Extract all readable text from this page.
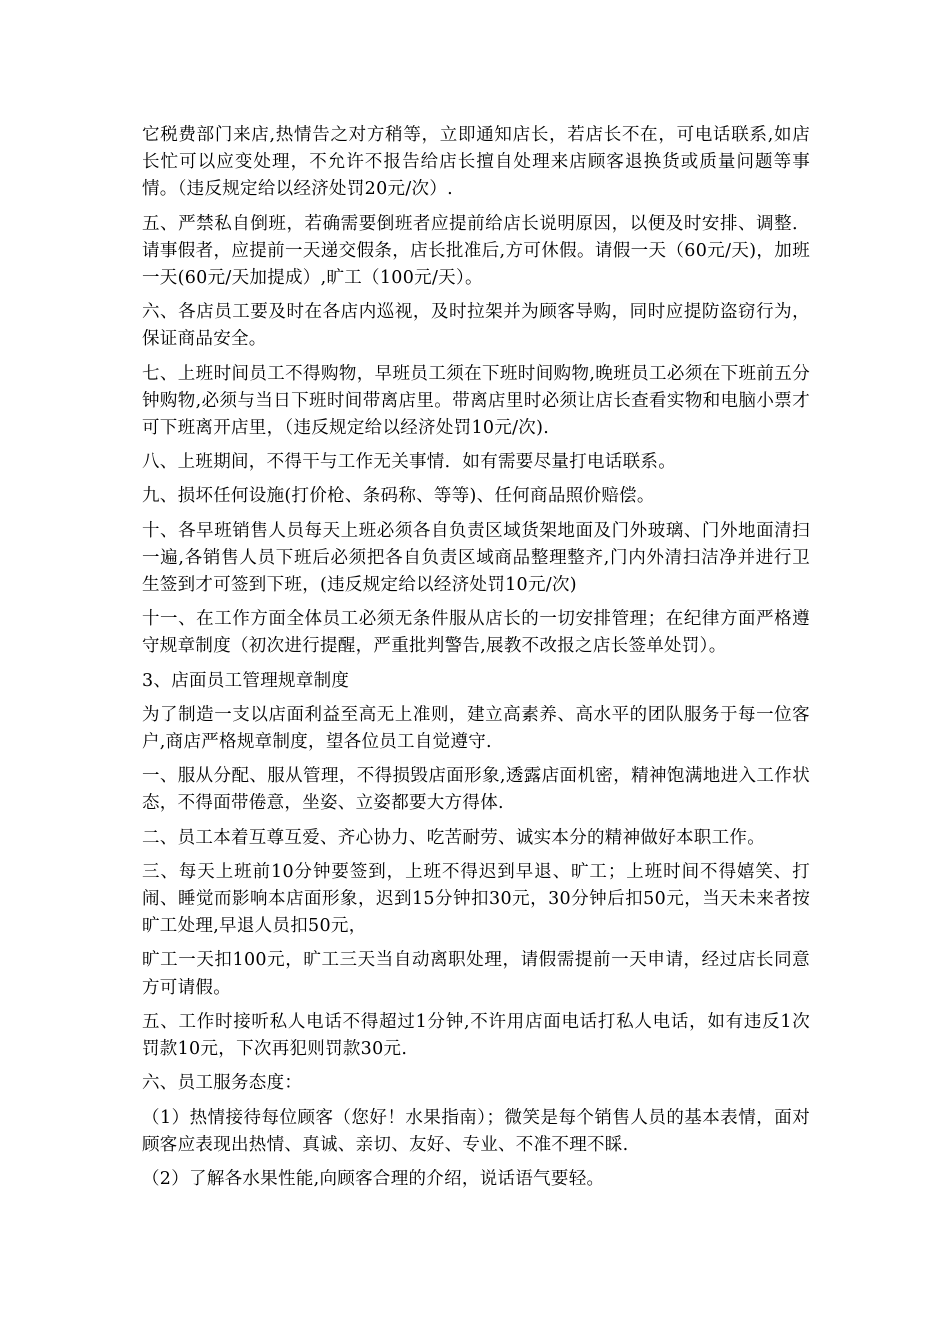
它税费部门来店,热情告之对方稍等，立即通知店长，若店长不在，可电话联系,如店长忙可以应变处理，不允许不报告给店长擅自处理来店顾客退换货或质量问题等事情。（违反规定给以经济处罚20元/次）.

五、严禁私自倒班，若确需要倒班者应提前给店长说明原因，以便及时安排、调整．请事假者，应提前一天递交假条，店长批准后,方可休假。请假一天（60元/天)，加班一天(60元/天加提成）,旷工（100元/天）。

六、各店员工要及时在各店内巡视，及时拉架并为顾客导购，同时应提防盗窃行为，保证商品安全。

七、上班时间员工不得购物，早班员工须在下班时间购物,晚班员工必须在下班前五分钟购物,必须与当日下班时间带离店里。带离店里时必须让店长查看实物和电脑小票才可下班离开店里，（违反规定给以经济处罚10元/次).

八、上班期间，不得干与工作无关事情．如有需要尽量打电话联系。

九、损坏任何设施(打价枪、条码称、等等)、任何商品照价赔偿。

十、各早班销售人员每天上班必须各自负责区域货架地面及门外玻璃、门外地面清扫一遍,各销售人员下班后必须把各自负责区域商品整理整齐,门内外清扫洁净并进行卫生签到才可签到下班，(违反规定给以经济处罚10元/次)

十一、在工作方面全体员工必须无条件服从店长的一切安排管理；在纪律方面严格遵守规章制度（初次进行提醒，严重批判警告,展教不改报之店长签单处罚）。

3、店面员工管理规章制度

为了制造一支以店面利益至高无上准则，建立高素养、高水平的团队服务于每一位客户,商店严格规章制度，望各位员工自觉遵守.

一、服从分配、服从管理，不得损毁店面形象,透露店面机密，精神饱满地进入工作状态，不得面带倦意，坐姿、立姿都要大方得体.

二、员工本着互尊互爱、齐心协力、吃苦耐劳、诚实本分的精神做好本职工作。

三、每天上班前10分钟要签到，上班不得迟到早退、旷工；上班时间不得嬉笑、打闹、睡觉而影响本店面形象，迟到15分钟扣30元，30分钟后扣50元，当天未来者按旷工处理,早退人员扣50元，

旷工一天扣100元，旷工三天当自动离职处理，请假需提前一天申请，经过店长同意方可请假。

五、工作时接听私人电话不得超过1分钟,不许用店面电话打私人电话，如有违反1次罚款10元，下次再犯则罚款30元.

六、员工服务态度：

（1）热情接待每位顾客（您好！水果指南）；微笑是每个销售人员的基本表情，面对顾客应表现出热情、真诚、亲切、友好、专业、不准不理不睬.

（2）了解各水果性能,向顾客合理的介绍，说话语气要轻。
